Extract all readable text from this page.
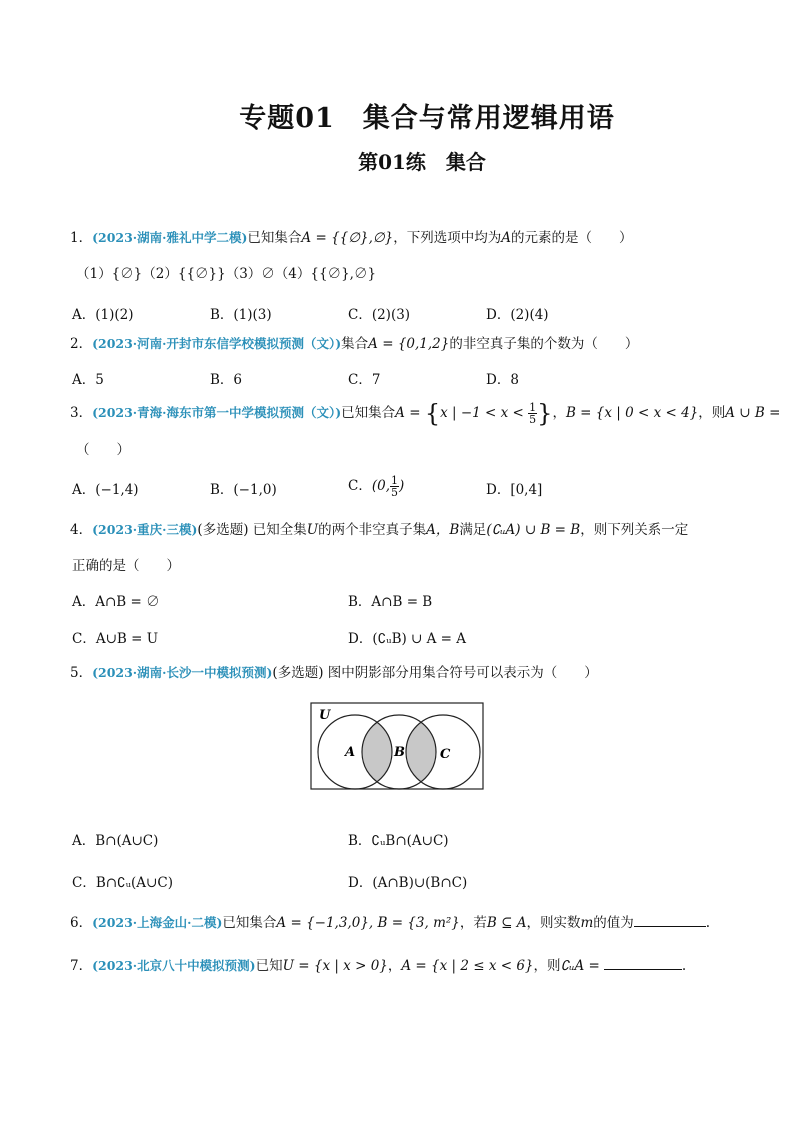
专题01　集合与常用逻辑用语
第01练　集合
1．(2023·湖南·雅礼中学二模)已知集合A = {{∅},∅}，下列选项中均为A的元素的是（　　）
（1）{∅}（2）{{∅}}（3）∅（4）{{∅},∅}
A．(1)(2)	B．(1)(3)	C．(2)(3)	D．(2)(4)
2．(2023·河南·开封市东信学校模拟预测（文）)集合A = {0,1,2}的非空真子集的个数为（　　）
A．5	B．6	C．7	D．8
3．(2023·青海·海东市第一中学模拟预测（文）)已知集合A = {x | $-1 < x < \frac{1}{5}$ }，B = {x | 0 < x < 4}，则A ∪ B =
（　　）
A．(−1,4)	B．(−1,0)	C．(0, $\frac{1}{5}$ )	D．[0,4]
4．(2023·重庆·三模)(多选题) 已知全集U的两个非空真子集A，B满足(∁ᵤA) ∪ B = B，则下列关系一定
正确的是（　　）
A．A∩B = ∅	B．A∩B = B
C．A∪B = U	D．(∁ᵤB) ∪ A = A
5．(2023·湖南·长沙一中模拟预测)(多选题) 图中阴影部分用集合符号可以表示为（　　）
U
A	B	C
A．B∩(A∪C)	B．∁ᵤB∩(A∪C)
C．B∩∁ᵤ(A∪C)	D．(A∩B)∪(B∩C)
6．(2023·上海金山·二模)已知集合A = {−1,3,0}, B = {3, m²}，若B ⊆ A，则实数m的值为	.
7．(2023·北京八十中模拟预测)已知U = {x | x > 0}，A = {x | 2 ≤ x < 6}，则∁ᵤA =	.
